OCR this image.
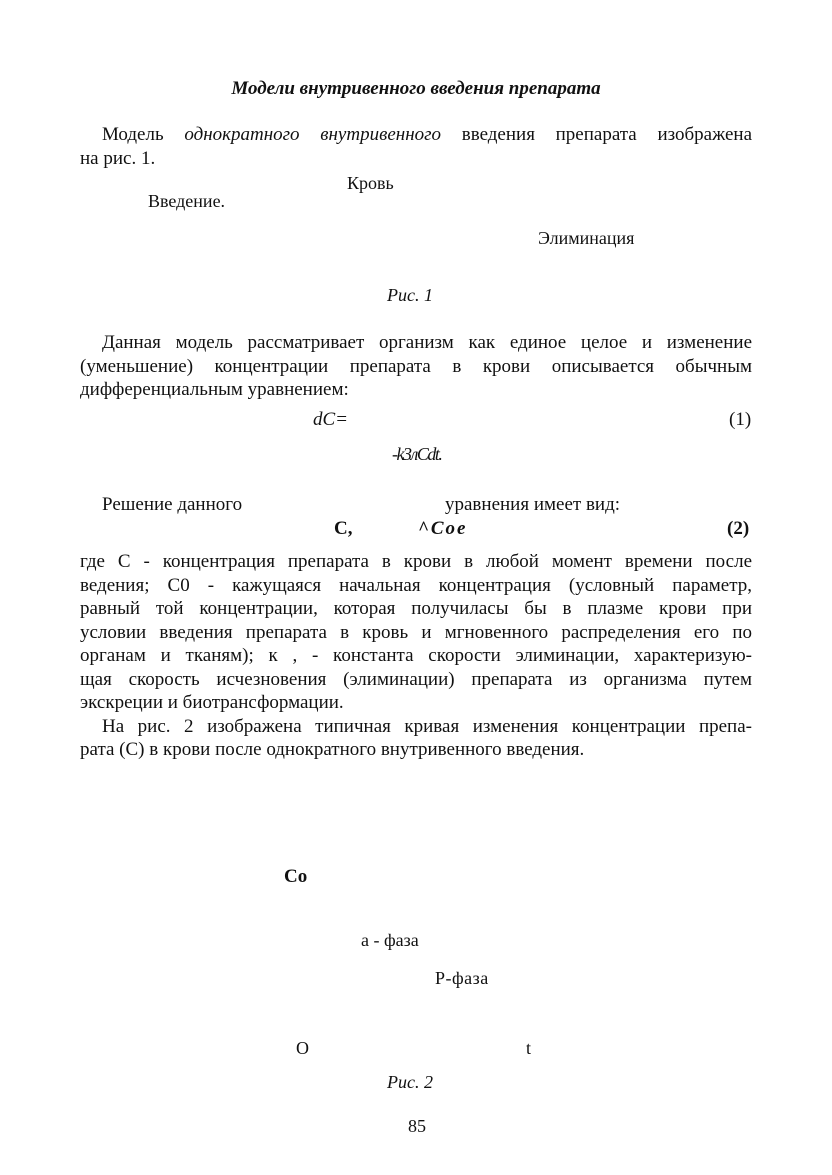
Модели внутривенного введения препарата
Модель однократного внутривенного введения препарата изображена
на рис. 1.
Кровь
Введение.
Элиминация
Рис. 1
Данная модель рассматривает организм как единое целое и изменение
(уменьшение) концентрации препарата в крови описывается обычным
дифференциальным уравнением:
dC=	(1)
-k3лCdt.
Решение данного	уравнения имеет вид:
C,	^Coe	(2)
где С - концентрация препарата в крови в любой момент времени после
ведения; С0 - кажущаяся начальная концентрация (условный параметр,
равный той концентрации, которая получиласы бы в плазме крови при
условии введения препарата в кровь и мгновенного распределения его по
органам и тканям); к , - константа скорости элиминации, характеризую-
щая скорость исчезновения (элиминации) препарата из организма путем
экскреции и биотрансформации.
На рис. 2 изображена типичная кривая изменения концентрации препа-
рата (С) в крови после однократного внутривенного введения.
Co
а - фаза
Р-фаза
О	t
Рис. 2
85
